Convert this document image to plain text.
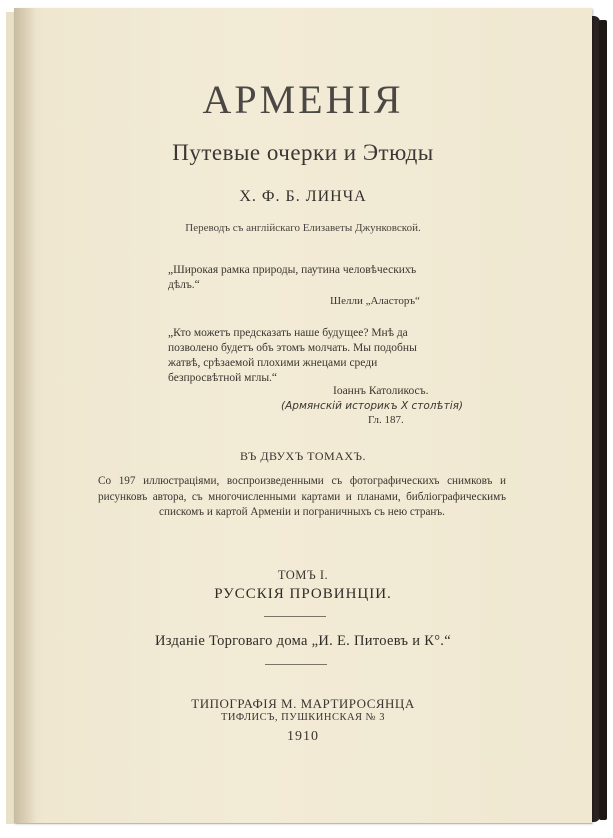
АРМЕНІЯ
Путевые очерки и Этюды
Х. Ф. Б. ЛИНЧА
Переводъ съ англійскаго Елизаветы Джунковской.
„Широкая рамка природы, паутина человѣческихъ дѣлъ.“
Шелли „Аласторъ“
„Кто можетъ предсказать наше будущее? Мнѣ да позволено будетъ объ этомъ молчать. Мы подобны жатвѣ, срѣзаемой плохими жнецами среди безпросвѣтной мглы.“
Іоаннъ Католикосъ.
(Армянскій историкъ X столѣтія)
Гл. 187.
ВЪ ДВУХЪ ТОМАХЪ.
Со 197 иллюстраціями, воспроизведенными съ фотографическихъ снимковъ и рисунковъ автора, съ многочисленными картами и планами, библіографическимъ спискомъ и картой Арменіи и пограничныхъ съ нею странъ.
ТОМЪ I.
РУССКІЯ ПРОВИНЦІИ.
Изданіе Торговаго дома „И. Е. Питоевъ и К°.“
ТИПОГРАФІЯ М. МАРТИРОСЯНЦА
ТИФЛИСЪ, ПУШКИНСКАЯ № 3
1910
